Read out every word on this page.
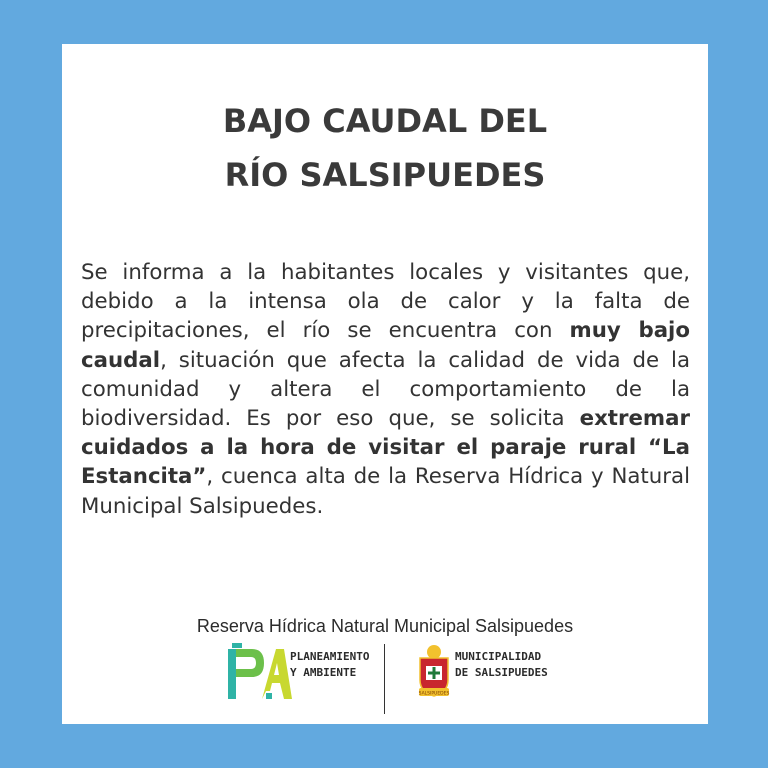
BAJO CAUDAL DEL
RÍO SALSIPUEDES
Se informa a la habitantes locales y visitantes que, debido a la intensa ola de calor y la falta de precipitaciones, el río se encuentra con muy bajo caudal, situación que afecta la calidad de vida de la comunidad y altera el comportamiento de la biodiversidad. Es por eso que, se solicita extremar cuidados a la hora de visitar el paraje rural “La Estancita”, cuenca alta de la Reserva Hídrica y Natural Municipal Salsipuedes.
Reserva Hídrica Natural Municipal Salsipuedes
PLANEAMIENTO
Y AMBIENTE
SALSIPUEDES
MUNICIPALIDAD
DE SALSIPUEDES
